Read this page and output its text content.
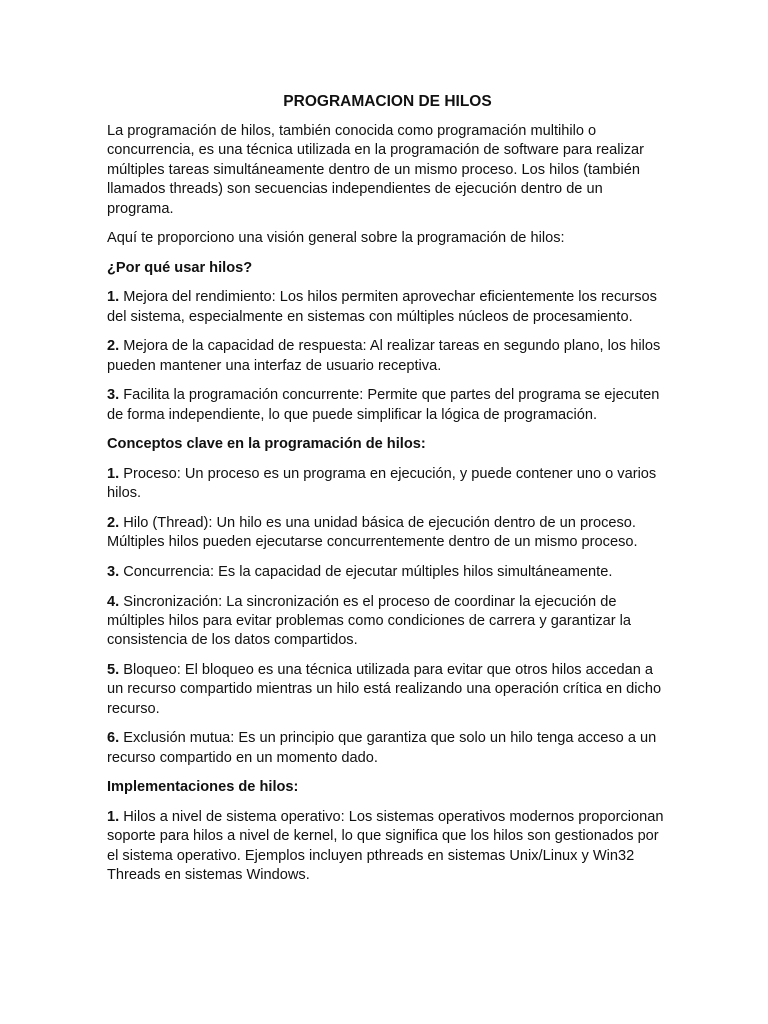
PROGRAMACION DE HILOS

La programación de hilos, también conocida como programación multihilo o concurrencia, es una técnica utilizada en la programación de software para realizar múltiples tareas simultáneamente dentro de un mismo proceso. Los hilos (también llamados threads) son secuencias independientes de ejecución dentro de un programa.

Aquí te proporciono una visión general sobre la programación de hilos:

¿Por qué usar hilos?

1. Mejora del rendimiento: Los hilos permiten aprovechar eficientemente los recursos del sistema, especialmente en sistemas con múltiples núcleos de procesamiento.

2. Mejora de la capacidad de respuesta: Al realizar tareas en segundo plano, los hilos pueden mantener una interfaz de usuario receptiva.

3. Facilita la programación concurrente: Permite que partes del programa se ejecuten de forma independiente, lo que puede simplificar la lógica de programación.

Conceptos clave en la programación de hilos:

1. Proceso: Un proceso es un programa en ejecución, y puede contener uno o varios hilos.

2. Hilo (Thread): Un hilo es una unidad básica de ejecución dentro de un proceso. Múltiples hilos pueden ejecutarse concurrentemente dentro de un mismo proceso.

3. Concurrencia: Es la capacidad de ejecutar múltiples hilos simultáneamente.

4. Sincronización: La sincronización es el proceso de coordinar la ejecución de múltiples hilos para evitar problemas como condiciones de carrera y garantizar la consistencia de los datos compartidos.

5. Bloqueo: El bloqueo es una técnica utilizada para evitar que otros hilos accedan a un recurso compartido mientras un hilo está realizando una operación crítica en dicho recurso.

6. Exclusión mutua: Es un principio que garantiza que solo un hilo tenga acceso a un recurso compartido en un momento dado.

Implementaciones de hilos:

1. Hilos a nivel de sistema operativo: Los sistemas operativos modernos proporcionan soporte para hilos a nivel de kernel, lo que significa que los hilos son gestionados por el sistema operativo. Ejemplos incluyen pthreads en sistemas Unix/Linux y Win32 Threads en sistemas Windows.
